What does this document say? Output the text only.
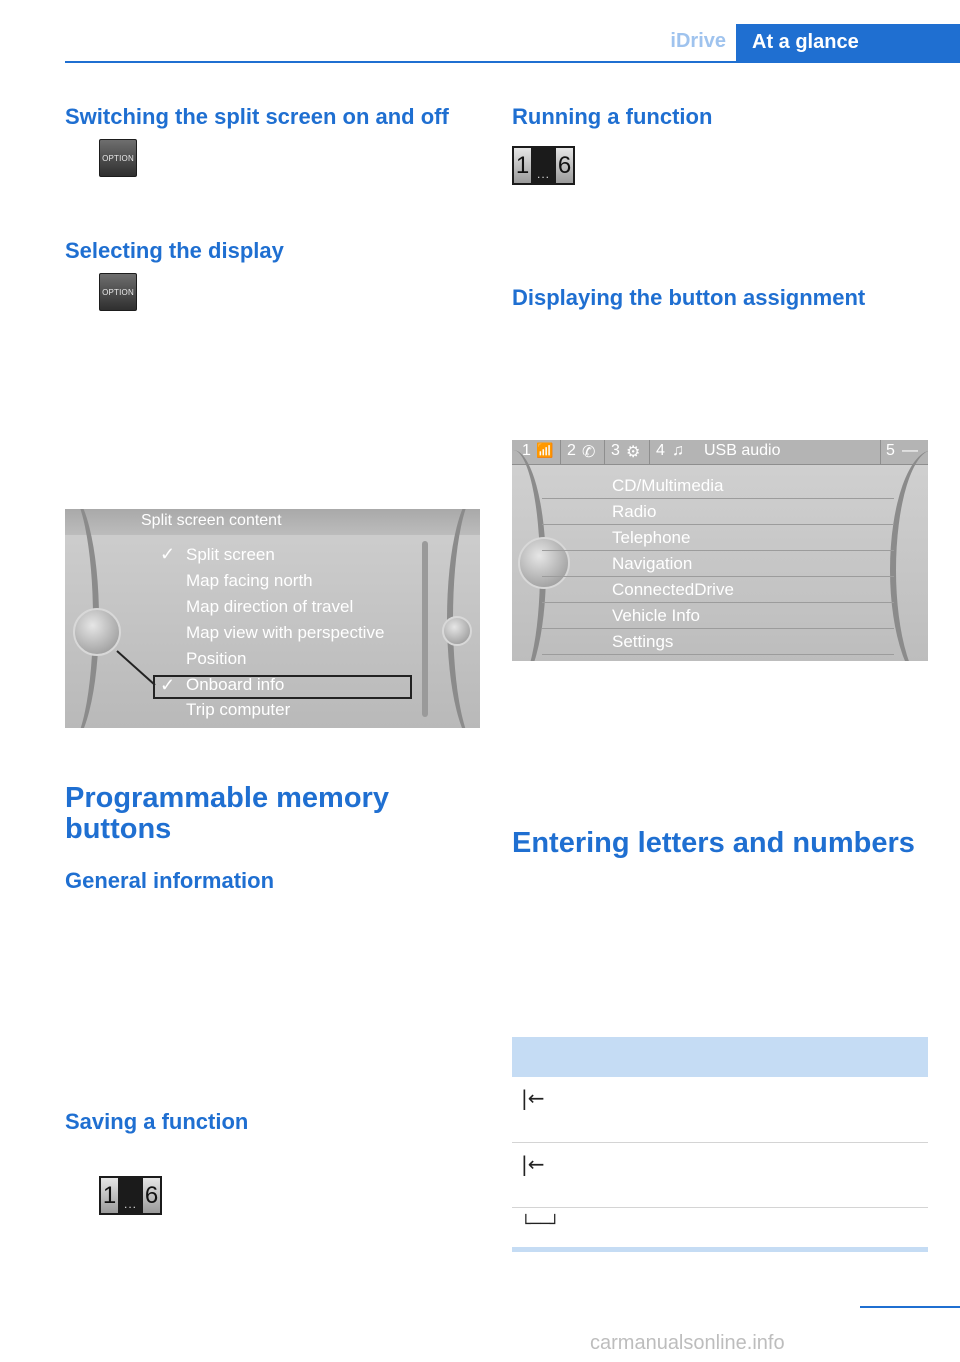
iDrive At a glance
Switching the split screen on and off
OPTION
Selecting the display
OPTION
Split screen content
✓ Split screen
Map facing north
Map direction of travel
Map view with perspective
Position
✓ Onboard info
Trip computer
Programmable memory
buttons
General information
Saving a function
1 ... 6
Running a function
1 ... 6
Displaying the button assignment
1 📶 2 ✆ 3 ⚙ 4 ♫ USB audio	5 —
CD/Multimedia
Radio
Telephone
Navigation
ConnectedDrive
Vehicle Info
Settings
Entering letters and numbers
|←
|←
└──┘
carmanualsonline.info
